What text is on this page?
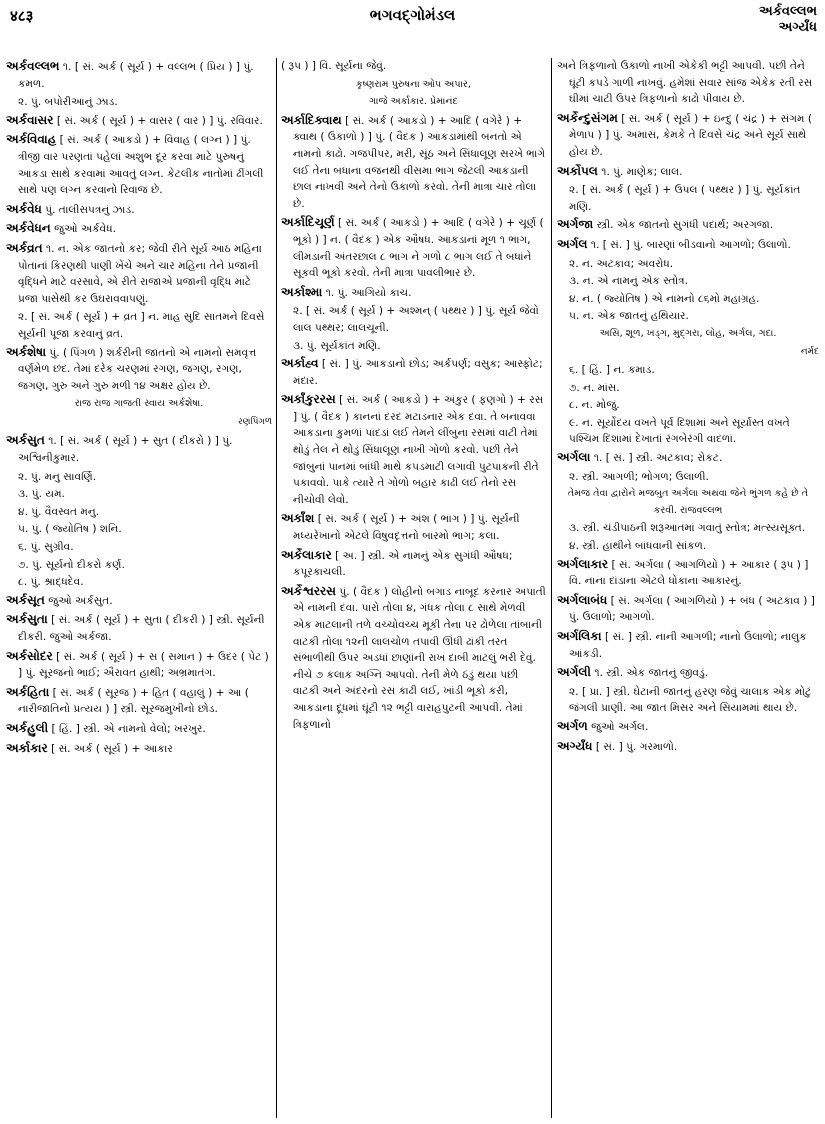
४८३	ભગવદ્ગોમંડલ	અર્કવલ્લભ
અર્ગ્યંધ
અર્કવલ્લભ ૧. [ સં. અર્ક ( સૂર્ય ) + વલ્લભ ( પ્રિય ) ] પું. કમળ.
૨. પું. બપોરીઆનું ઝાડ.
અર્કવાસર [ સં. અર્ક ( સૂર્ય ) + વાસર ( વાર ) ] પું. રવિવાર.
અર્કવિવાહ [ સં. અર્ક ( આકડો ) + વિવાહ ( લગ્ન ) ] પું. ત્રીજી વાર પરણતાં પહેલાં અશુભ દૂર કરવા માટે પુરુષનું આકડા સાથે કરવામાં આવતું લગ્ન. કેટલીક નાતોમાં ઢીંગલી સાથે પણ લગ્ન કરવાનો રિવાજ છે.
અર્કવેધ પું. તાલીસપત્રનું ઝાડ.
અર્કવેધન જુઓ અર્કવેધ.
અર્કવ્રત ૧. ન. એક જાતનો કર; જેવી રીતે સૂર્ય આઠ મહિના પોતાનાં કિરણથી પાણી ખેંચે અને ચાર મહિના તેને પ્રજાની વૃદ્ધિને માટે વરસાવે, એ રીતે રાજાએ પ્રજાની વૃદ્ધિ માટે પ્રજા પાસેથી કર ઉઘરાવવાપણું.
૨. [ સં. અર્ક ( સૂર્ય ) + વ્રત ] ન. માહ સુદિ સાતમને દિવસે સૂર્યની પૂજા કરવાનું વ્રત.
અર્કશેષા પું. ( પિંગળ ) શર્કરીની જાતનો એ નામનો સમવૃત્ત વર્ણમેળ છંદ. તેમાં દરેક ચરણમાં રગણ, જગણ, રગણ, જગણ, ગુરુ અને ગુરુ મળી ૧૪ અક્ષર હોય છે.
રાજ રાજ ગાજતી સ્વાય અર્કશેષા.
રણપિંગળ
અર્કસુત ૧. [ સં. અર્ક ( સૂર્ય ) + સુત ( દીકરો ) ] પું. અશ્વિનીકુમાર.
૨. પું. મનુ સાવર્ણિ.
૩. પું. યમ.
૪. પું. વૈવસ્વત મનુ.
૫. પું. ( જ્યોતિષ ) શનિ.
૬. પું. સુગ્રીવ.
૭. પું. સૂર્યનો દીકરો કર્ણ.
૮. પું. શ્રાદ્ધદેવ.
અર્કસૂત જુઓ અર્કસુત.
અર્કસુતા [ સં. અર્ક ( સૂર્ય ) + સુતા ( દીકરી ) ] સ્ત્રી. સૂર્યની દીકરી. જુઓ અર્કજા.
અર્કસોદર [ સં. અર્ક ( સૂર્ય ) + સ ( સમાન ) + ઉદર ( પેટ ) ] પું. સૂરજનો ભાઈ; ઐરાવત હાથી; અભ્રમાતંગ.
અર્કહિતા [ સં. અર્ક ( સૂરજ ) + હિત ( વહાલું ) + આ ( નારીજાતિનો પ્રત્યય ) ] સ્ત્રી. સૂરજમુખીનો છોડ.
અર્કહુલી [ હિં. ] સ્ત્રી. એ નામનો વેલો; ખરખુર.
અર્કાકાર [ સં. અર્ક ( સૂર્ય ) + આકાર
( રૂપ ) ] વિ. સૂર્યના જેવું.
કૃષ્ણરામ પુરુષના ઓપ અપાર,
ગાજે અર્કાકાર. પ્રેમાનંદ
અર્કાદિક્વાથ [ સં. અર્ક ( આકડો ) + આદિ ( વગેરે ) + ક્વાથ ( ઉકાળો ) ] પું. ( વૈદક ) આકડામાંથી બનતો એ નામનો કાઢો. ગજપીપર, મરી, સૂંઠ અને સિંધાલૂણ સરખે ભાગે લઈ તેના બધાના વજનથી વીસમા ભાગ જેટલી આકડાની છાલ નાખવી અને તેનો ઉકાળો કરવો. તેની માત્રા ચાર તોલા છે.
અર્કાદિચૂર્ણ [ સં. અર્ક ( આકડો ) + આદિ ( વગેરે ) + ચૂર્ણ ( ભૂકો ) ] ન. ( વૈદક ) એક ઔષધ. આકડાનાં મૂળ ૧ ભાગ, લીમડાની અંતરછાલ ૮ ભાગ ને ગળો ૮ ભાગ લઈ તે બધાંને સૂકવી ભૂકો કરવો. તેની માત્રા પાવલીભાર છે.
અર્કાશ્મા ૧. પું. આગિયો કાચ.
૨. [ સં. અર્ક ( સૂર્ય ) + અશ્મન્ ( પથ્થર ) ] પું. સૂર્ય જેવો લાલ પથ્થર; લાલચૂની.
૩. પું. સૂર્યકાંત મણિ.
અર્કાહ્વ [ સં. ] પું. આકડાનો છોડ; અર્કપર્ણ; વસુક; આસ્ફોટ; મંદાર.
અર્કાંકુરરસ [ સં. અર્ક ( આકડો ) + અંકુર ( ફણગો ) + રસ ] પું. ( વૈદક ) કાનનાં દરદ મટાડનાર એક દવા. તે બનાવવા આકડાના કુમળાં પાંદડાં લઈ તેમને લીંબુના રસમાં વાટી તેમાં થોડું તેલ ને થોડું સિંધાલૂણ નાખી ગોળો કરવો. પછી તેને જાંબુનાં પાનમાં બાંધી માથે કપડમાટી લગાવી પુટપાકની રીતે પકાવવો. પાકે ત્યારે તે ગોળો બહાર કાઢી લઈ તેનો રસ નીચોવી લેવો.
અર્કાંશ [ સં. અર્ક ( સૂર્ય ) + અંશ ( ભાગ ) ] પું. સૂર્યની મધ્યરેખાનો એટલે વિષુવદૃત્તનો બારમો ભાગ; કલા.
અર્કેલાકાર [ અ. ] સ્ત્રી. એ નામનું એક સુગંધી ઔષધ; કપૂરકાચલી.
અર્કેશ્વરરસ પું. ( વૈદક ) લોહીનો બગાડ નાબૂદ કરનાર અપાતી એ નામની દવા. પારો તોલા ૪, ગંધક તોલા ૮ સાથે મેળવી એક માટલાની તળે વચ્ચોવચ્ચ મૂકી તેના પર ઢોળેલા તાંબાની વાટકી તોલા ૧૨ની લાલચોળ તપાવી ઊંધી ઢાંકી તરત સંભાળીથી ઉપર અડધાં છાણાંની રાખ દાબી માટલું ભરી દેવું. નીચે ૭ કલાક અગ્નિ આપવો. તેની મેળે ઠંડું થયા પછી વાટકી અને અંદરનો રસ કાઢી લઈ, ખાંડી ભૂકો કરી, આકડાના દૂધમાં ઘૂંટી ૧૨ ભટ્ટી વારાહપુટની આપવી. તેમાં ત્રિફળાનો
અને ત્રિફળાનો ઉકાળો નાખી એકેકી ભટ્ટી આપવી. પછી તેને ઘૂંટી કપડે ગાળી નાખવું. હમેશાં સવાર સાંજ એકેક રતી રસ ઘીમાં ચાટી ઉપર ત્રિફળાનો કાઢો પીવાય છે.
અર્કેન્દુસંગમ [ સં. અર્ક ( સૂર્ય ) + ઇન્દુ ( ચંદ્ર ) + સંગમ ( મેળાપ ) ] પું. અમાસ, કેમકે તે દિવસે ચંદ્ર અને સૂર્ય સાથે હોય છે.
અર્કોપલ ૧. પું. માણેક; લાલ.
૨. [ સં. અર્ક ( સૂર્ય ) + ઉપલ ( પથ્થર ) ] પું. સૂર્યકાંત મણિ.
અર્ગજા સ્ત્રી. એક જાતનો સુગંધી પદાર્થ; અરગજા.
અર્ગલ ૧. [ સં. ] પું. બારણાં બીડવાનો આગળો; ઉલાળો.
૨. ન. અટકાવ; અવરોધ.
૩. ન. એ નામનું એક સ્તોત્ર.
૪. ન. ( જ્યોતિષ ) એ નામનો ૮૬મો મહાગ્રહ.
૫. ન. એક જાતનું હથિયાર.
અસિ, શૂળ, ખડ્ગ, મુદ્ગરા, લોહ, અર્ગલ, ગદા.
નર્મદ
૬. [ હિં. ] ન. કમાડ.
૭. ન. માંસ.
૮. ન. મોજું.
૯. ન. સૂર્યોદય વખતે પૂર્વ દિશામાં અને સૂર્યાસ્ત વખતે પશ્ચિમ દિશામાં દેખાતાં રંગબેરંગી વાદળાં.
અર્ગલા ૧. [ સં. ] સ્ત્રી. અટકાવ; રોકટ.
૨. સ્ત્રી. આગળી; ભોગળ; ઉલાળી.
તેમજ તેવા દ્વારોને મજબુત અર્ગલા અથવા જેને ભુંગળ કહે છે તે કરવી. રાજવલ્લભ
૩. સ્ત્રી. ચંડીપાઠની શરૂઆતમાં ગવાતું સ્તોત્ર; મત્સ્યસૂક્ત.
૪. સ્ત્રી. હાથીને બાંધવાની સાંકળ.
અર્ગલાકાર [ સં. અર્ગલા ( આગળિયો ) + આકાર ( રૂપ ) ] વિ. નાના દાંડાના એટલે ધોકાના આકારનું.
અર્ગલાબંધ [ સં. અર્ગલા ( આગળિયો ) + બંધ ( અટકાવ ) ] પું. ઉલાળો; આગળો.
અર્ગલિકા [ સં. ] સ્ત્રી. નાની આગળી; નાનો ઉલાળો; નાલુક આંકડી.
અર્ગલી ૧. સ્ત્રી. એક જાતનું જીવડું.
૨. [ પ્રા. ] સ્ત્રી. ઘેટાની જાતનું હરણ જેવું ચાલાક એક મોટું જંગલી પ્રાણી. આ જાત મિસર અને સિયામમાં થાય છે.
અર્ગળ જુઓ અર્ગલ.
અર્ગ્યંધ [ સં. ] પું. ગરમાળો.
